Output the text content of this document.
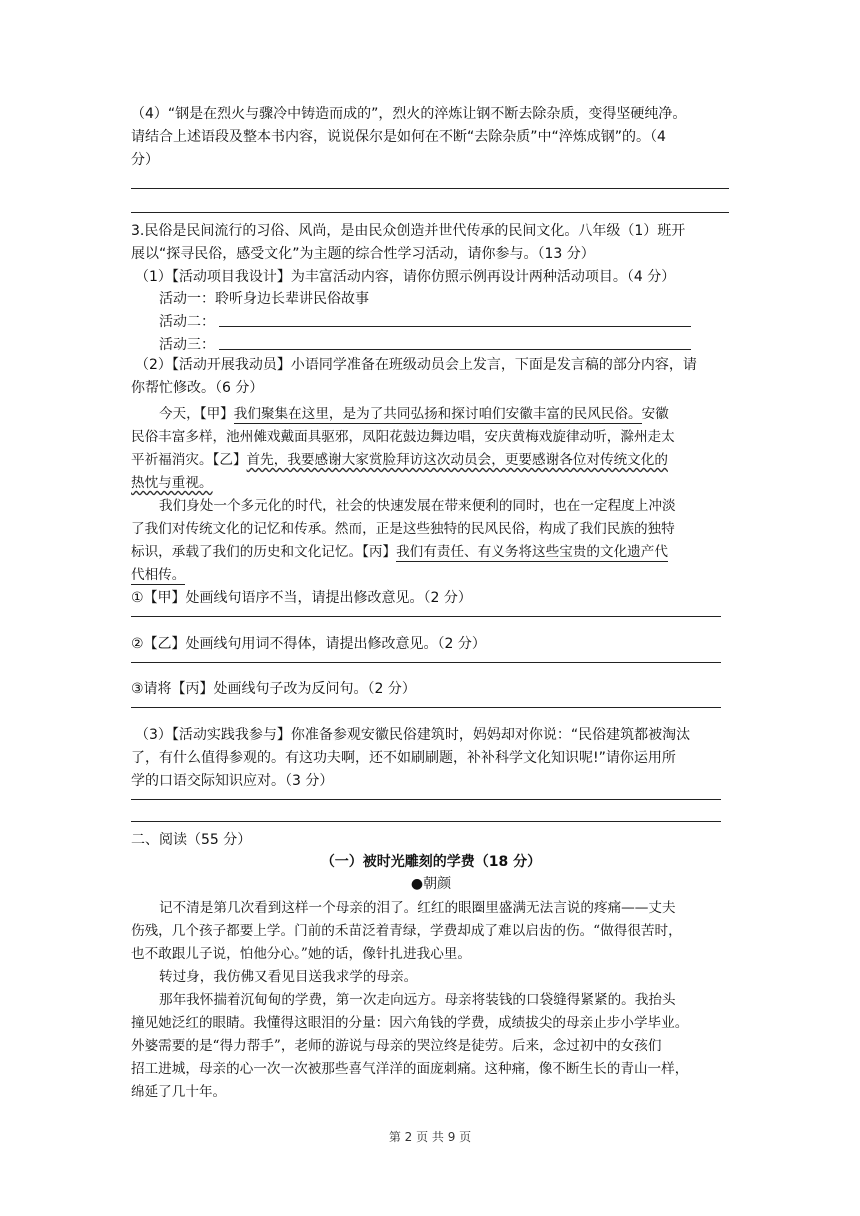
（4）“钢是在烈火与骤冷中铸造而成的”，烈火的淬炼让钢不断去除杂质，变得坚硬纯净。
请结合上述语段及整本书内容，说说保尔是如何在不断“去除杂质”中“淬炼成钢”的。（4
分）
3.民俗是民间流行的习俗、风尚，是由民众创造并世代传承的民间文化。八年级（1）班开
展以“探寻民俗，感受文化”为主题的综合性学习活动，请你参与。（13 分）
（1）【活动项目我设计】为丰富活动内容，请你仿照示例再设计两种活动项目。（4 分）
活动一：聆听身边长辈讲民俗故事
活动二：
活动三：
（2）【活动开展我动员】小语同学准备在班级动员会上发言，下面是发言稿的部分内容，请
你帮忙修改。（6 分）
今天，【甲】我们聚集在这里，是为了共同弘扬和探讨咱们安徽丰富的民风民俗。安徽
民俗丰富多样，池州傩戏戴面具驱邪，凤阳花鼓边舞边唱，安庆黄梅戏旋律动听，滁州走太
平祈福消灾。【乙】首先，我要感谢大家赏脸拜访这次动员会，更要感谢各位对传统文化的
热忱与重视。
我们身处一个多元化的时代，社会的快速发展在带来便利的同时，也在一定程度上冲淡
了我们对传统文化的记忆和传承。然而，正是这些独特的民风民俗，构成了我们民族的独特
标识，承载了我们的历史和文化记忆。【丙】我们有责任、有义务将这些宝贵的文化遗产代
代相传。
①【甲】处画线句语序不当，请提出修改意见。（2 分）
②【乙】处画线句用词不得体，请提出修改意见。（2 分）
③请将【丙】处画线句子改为反问句。（2 分）
（3）【活动实践我参与】你准备参观安徽民俗建筑时，妈妈却对你说：“民俗建筑都被淘汰
了，有什么值得参观的。有这功夫啊，还不如刷刷题，补补科学文化知识呢!”请你运用所
学的口语交际知识应对。（3 分）
二、阅读（55 分）
（一）被时光雕刻的学费（18 分）
●朝颜
记不清是第几次看到这样一个母亲的泪了。红红的眼圈里盛满无法言说的疼痛——丈夫
伤残，几个孩子都要上学。门前的禾苗泛着青绿，学费却成了难以启齿的伤。“做得很苦时，
也不敢跟儿子说，怕他分心。”她的话，像针扎进我心里。
转过身，我仿佛又看见目送我求学的母亲。
那年我怀揣着沉甸甸的学费，第一次走向远方。母亲将装钱的口袋缝得紧紧的。我抬头
撞见她泛红的眼睛。我懂得这眼泪的分量：因六角钱的学费，成绩拔尖的母亲止步小学毕业。
外婆需要的是“得力帮手”，老师的游说与母亲的哭泣终是徒劳。后来，念过初中的女孩们
招工进城，母亲的心一次一次被那些喜气洋洋的面庞刺痛。这种痛，像不断生长的青山一样，
绵延了几十年。
第 2 页 共 9 页
